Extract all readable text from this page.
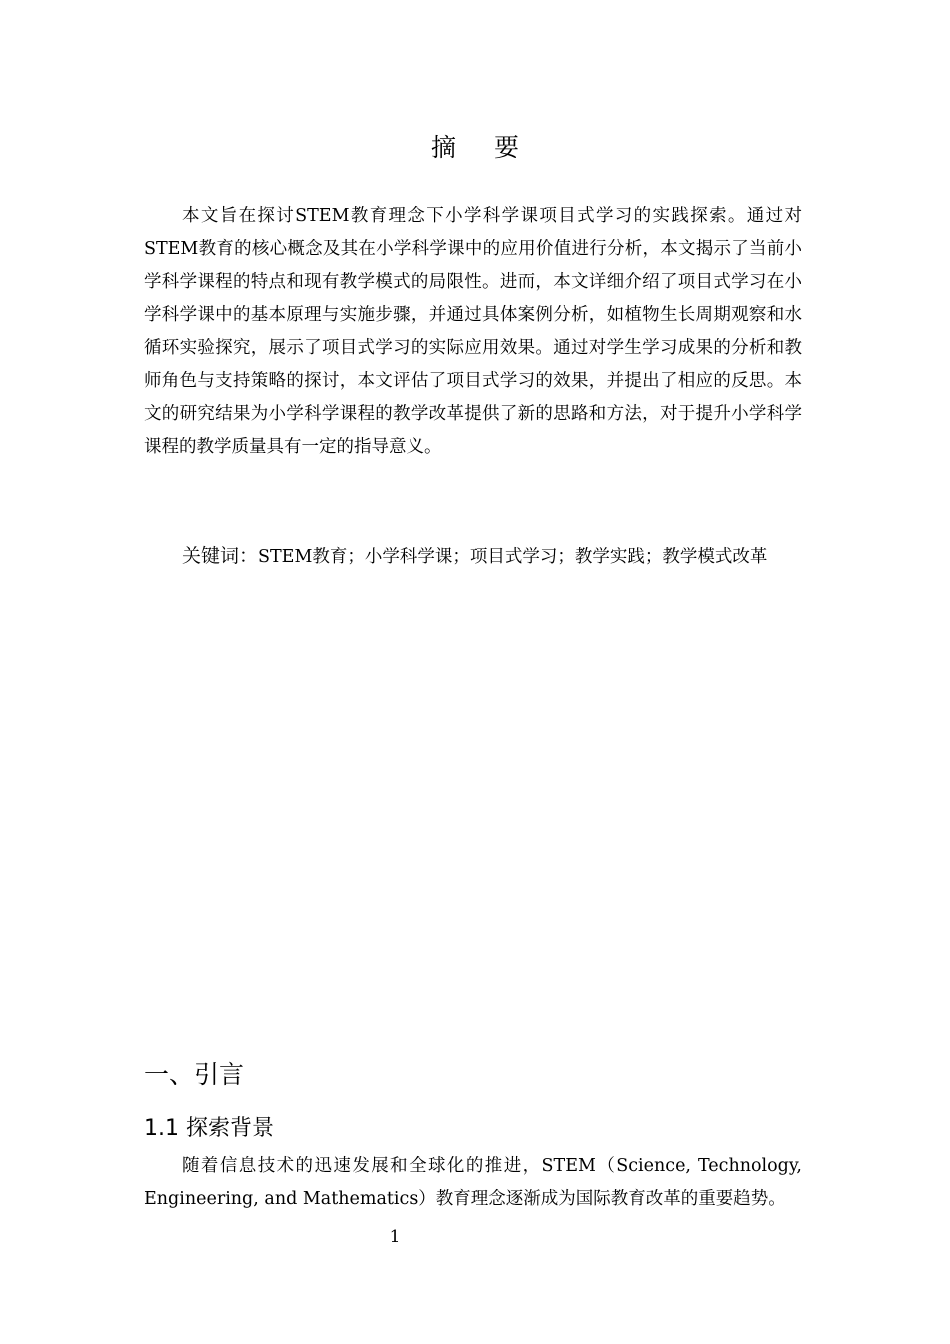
摘 要

本文旨在探讨STEM教育理念下小学科学课项目式学习的实践探索。通过对STEM教育的核心概念及其在小学科学课中的应用价值进行分析，本文揭示了当前小学科学课程的特点和现有教学模式的局限性。进而，本文详细介绍了项目式学习在小学科学课中的基本原理与实施步骤，并通过具体案例分析，如植物生长周期观察和水循环实验探究，展示了项目式学习的实际应用效果。通过对学生学习成果的分析和教师角色与支持策略的探讨，本文评估了项目式学习的效果，并提出了相应的反思。本文的研究结果为小学科学课程的教学改革提供了新的思路和方法，对于提升小学科学课程的教学质量具有一定的指导意义。

关键词：STEM教育；小学科学课；项目式学习；教学实践；教学模式改革

一、引言
1.1 探索背景

随着信息技术的迅速发展和全球化的推进，STEM（Science, Technology, Engineering, and Mathematics）教育理念逐渐成为国际教育改革的重要趋势。

1
